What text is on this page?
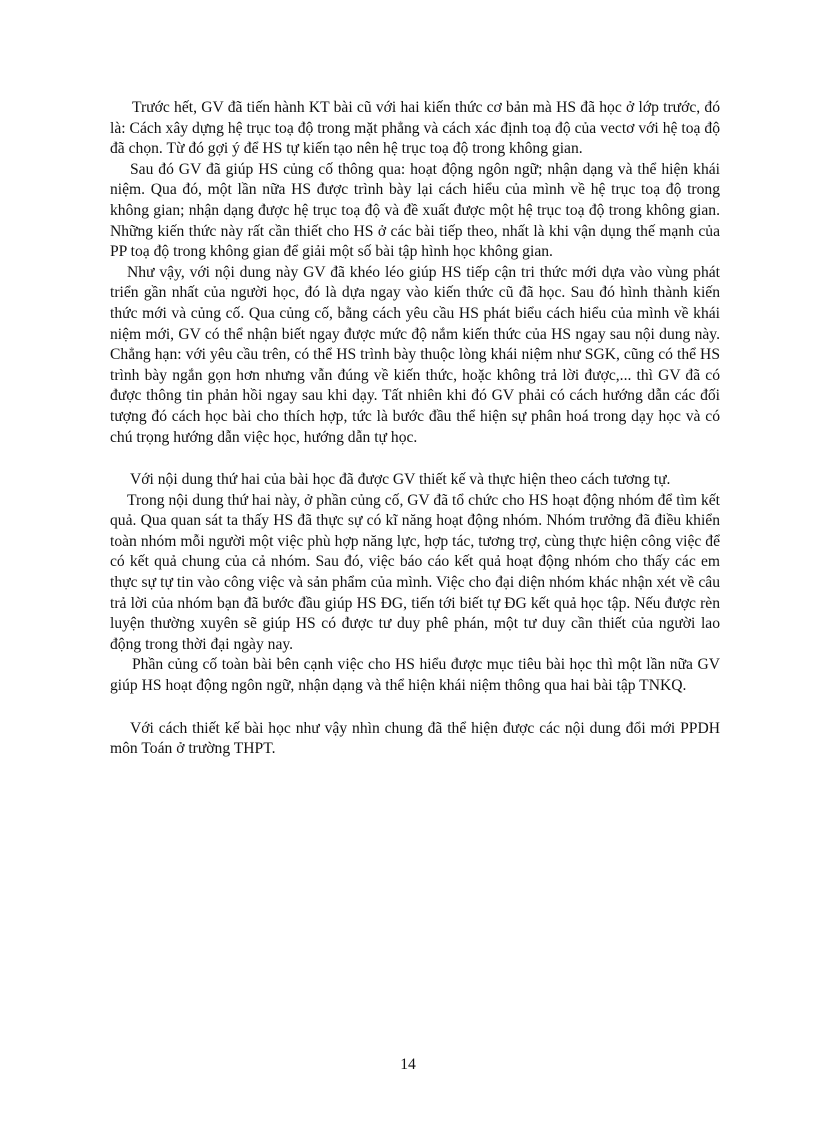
Trước hết, GV đã tiến hành KT bài cũ với hai kiến thức cơ bản mà HS đã học ở lớp trước, đó là: Cách xây dựng hệ trục toạ độ trong mặt phẳng và cách xác định toạ độ của vectơ với hệ toạ độ đã chọn. Từ đó gợi ý để HS tự kiến tạo nên hệ trục toạ độ trong không gian.

Sau đó GV đã giúp HS củng cố thông qua: hoạt động ngôn ngữ; nhận dạng và thể hiện khái niệm. Qua đó, một lần nữa HS được trình bày lại cách hiểu của mình về hệ trục toạ độ trong không gian; nhận dạng được hệ trục toạ độ và đề xuất được một hệ trục toạ độ trong không gian. Những kiến thức này rất cần thiết cho HS ở các bài tiếp theo, nhất là khi vận dụng thế mạnh của PP toạ độ trong không gian để giải một số bài tập hình học không gian.

Như vậy, với nội dung này GV đã khéo léo giúp HS tiếp cận tri thức mới dựa vào vùng phát triển gần nhất của người học, đó là dựa ngay vào kiến thức cũ đã học. Sau đó hình thành kiến thức mới và củng cố. Qua củng cố, bằng cách yêu cầu HS phát biểu cách hiểu của mình về khái niệm mới, GV có thể nhận biết ngay được mức độ nắm kiến thức của HS ngay sau nội dung này. Chẳng hạn: với yêu cầu trên, có thể HS trình bày thuộc lòng khái niệm như SGK, cũng có thể HS trình bày ngắn gọn hơn nhưng vẫn đúng về kiến thức, hoặc không trả lời được,... thì GV đã có được thông tin phản hồi ngay sau khi dạy. Tất nhiên khi đó GV phải có cách hướng dẫn các đối tượng đó cách học bài cho thích hợp, tức là bước đầu thể hiện sự phân hoá trong dạy học và có chú trọng hướng dẫn việc học, hướng dẫn tự học.

Với nội dung thứ hai của bài học đã được GV thiết kế và thực hiện theo cách tương tự.

Trong nội dung thứ hai này, ở phần củng cố, GV đã tổ chức cho HS hoạt động nhóm để tìm kết quả. Qua quan sát ta thấy HS đã thực sự có kĩ năng hoạt động nhóm. Nhóm trưởng đã điều khiển toàn nhóm mỗi người một việc phù hợp năng lực, hợp tác, tương trợ, cùng thực hiện công việc để có kết quả chung của cả nhóm. Sau đó, việc báo cáo kết quả hoạt động nhóm cho thấy các em thực sự tự tin vào công việc và sản phẩm của mình. Việc cho đại diện nhóm khác nhận xét về câu trả lời của nhóm bạn đã bước đầu giúp HS ĐG, tiến tới biết tự ĐG kết quả học tập. Nếu được rèn luyện thường xuyên sẽ giúp HS có được tư duy phê phán, một tư duy cần thiết của người lao động trong thời đại ngày nay.

Phần củng cố toàn bài bên cạnh việc cho HS hiểu được mục tiêu bài học thì một lần nữa GV giúp HS hoạt động ngôn ngữ, nhận dạng và thể hiện khái niệm thông qua hai bài tập TNKQ.

Với cách thiết kế bài học như vậy nhìn chung đã thể hiện được các nội dung đổi mới PPDH môn Toán ở trường THPT.

14
